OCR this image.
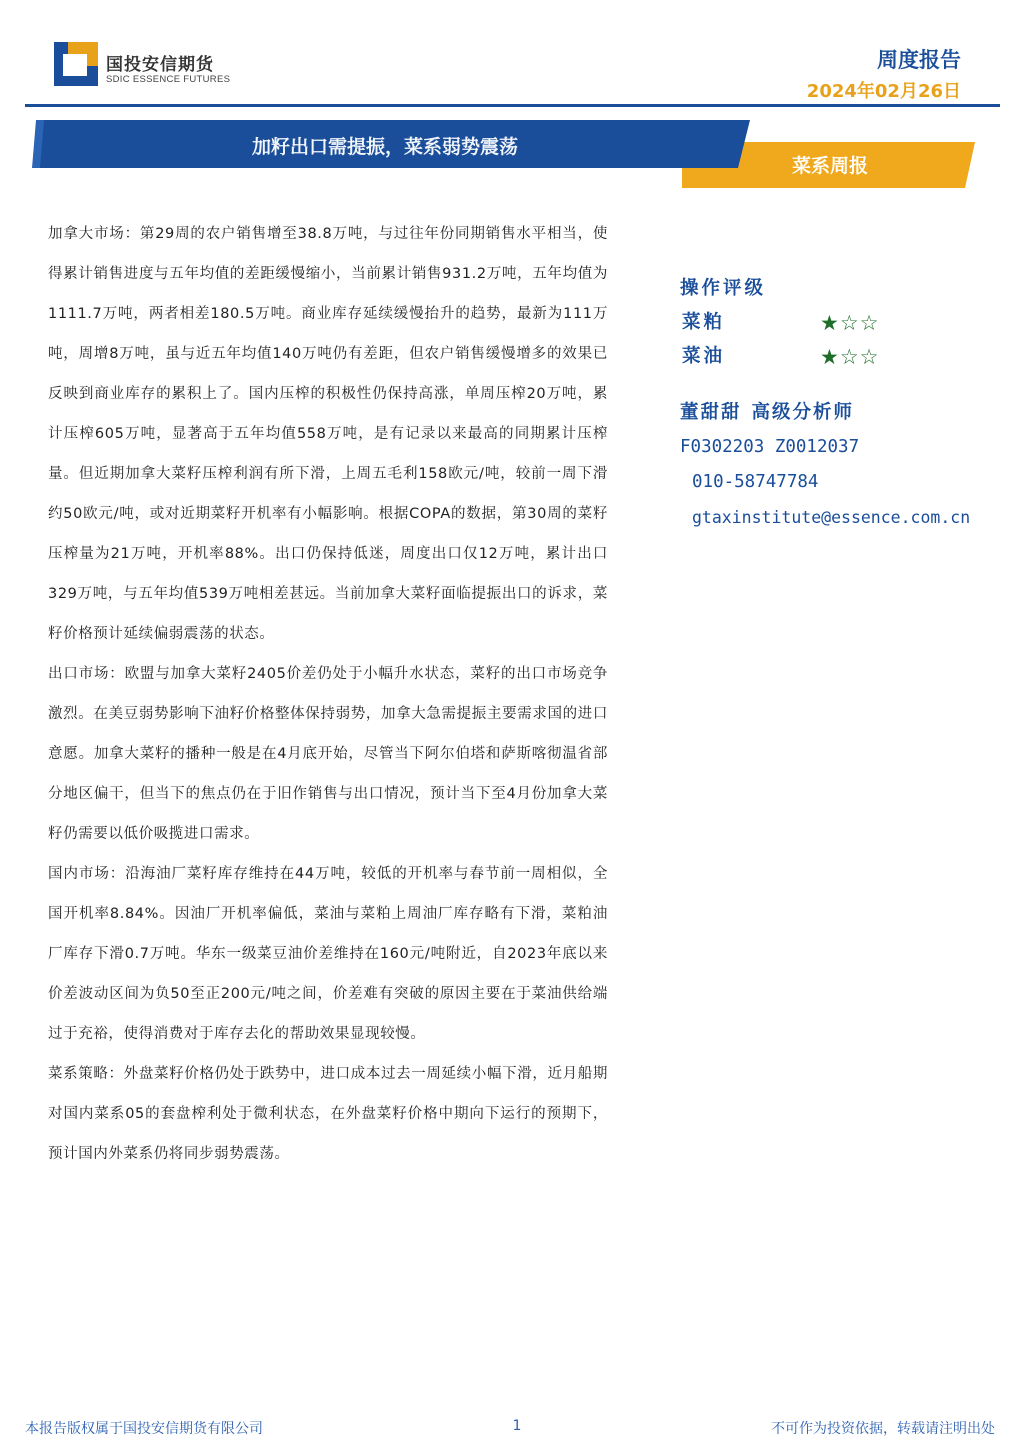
国投安信期货
SDIC ESSENCE FUTURES
周度报告
2024年02月26日
加籽出口需提振，菜系弱势震荡
菜系周报

加拿大市场：第29周的农户销售增至38.8万吨，与过往年份同期销售水平相当，使得累计销售进度与五年均值的差距缓慢缩小，当前累计销售931.2万吨，五年均值为1111.7万吨，两者相差180.5万吨。商业库存延续缓慢抬升的趋势，最新为111万吨，周增8万吨，虽与近五年均值140万吨仍有差距，但农户销售缓慢增多的效果已反映到商业库存的累积上了。国内压榨的积极性仍保持高涨，单周压榨20万吨，累计压榨605万吨，显著高于五年均值558万吨，是有记录以来最高的同期累计压榨量。但近期加拿大菜籽压榨利润有所下滑，上周五毛利158欧元/吨，较前一周下滑约50欧元/吨，或对近期菜籽开机率有小幅影响。根据COPA的数据，第30周的菜籽压榨量为21万吨，开机率88%。出口仍保持低迷，周度出口仅12万吨，累计出口329万吨，与五年均值539万吨相差甚远。当前加拿大菜籽面临提振出口的诉求，菜籽价格预计延续偏弱震荡的状态。

出口市场：欧盟与加拿大菜籽2405价差仍处于小幅升水状态，菜籽的出口市场竞争激烈。在美豆弱势影响下油籽价格整体保持弱势，加拿大急需提振主要需求国的进口意愿。加拿大菜籽的播种一般是在4月底开始，尽管当下阿尔伯塔和萨斯喀彻温省部分地区偏干，但当下的焦点仍在于旧作销售与出口情况，预计当下至4月份加拿大菜籽仍需要以低价吸揽进口需求。

国内市场：沿海油厂菜籽库存维持在44万吨，较低的开机率与春节前一周相似，全国开机率8.84%。因油厂开机率偏低，菜油与菜粕上周油厂库存略有下滑，菜粕油厂库存下滑0.7万吨。华东一级菜豆油价差维持在160元/吨附近，自2023年底以来价差波动区间为负50至正200元/吨之间，价差难有突破的原因主要在于菜油供给端过于充裕，使得消费对于库存去化的帮助效果显现较慢。

菜系策略：外盘菜籽价格仍处于跌势中，进口成本过去一周延续小幅下滑，近月船期对国内菜系05的套盘榨利处于微利状态，在外盘菜籽价格中期向下运行的预期下，预计国内外菜系仍将同步弱势震荡。

操作评级
菜粕	★☆☆
菜油	★☆☆
董甜甜 高级分析师
F0302203 Z0012037
010-58747784
gtaxinstitute@essence.com.cn
本报告版权属于国投安信期货有限公司	1	不可作为投资依据，转载请注明出处
